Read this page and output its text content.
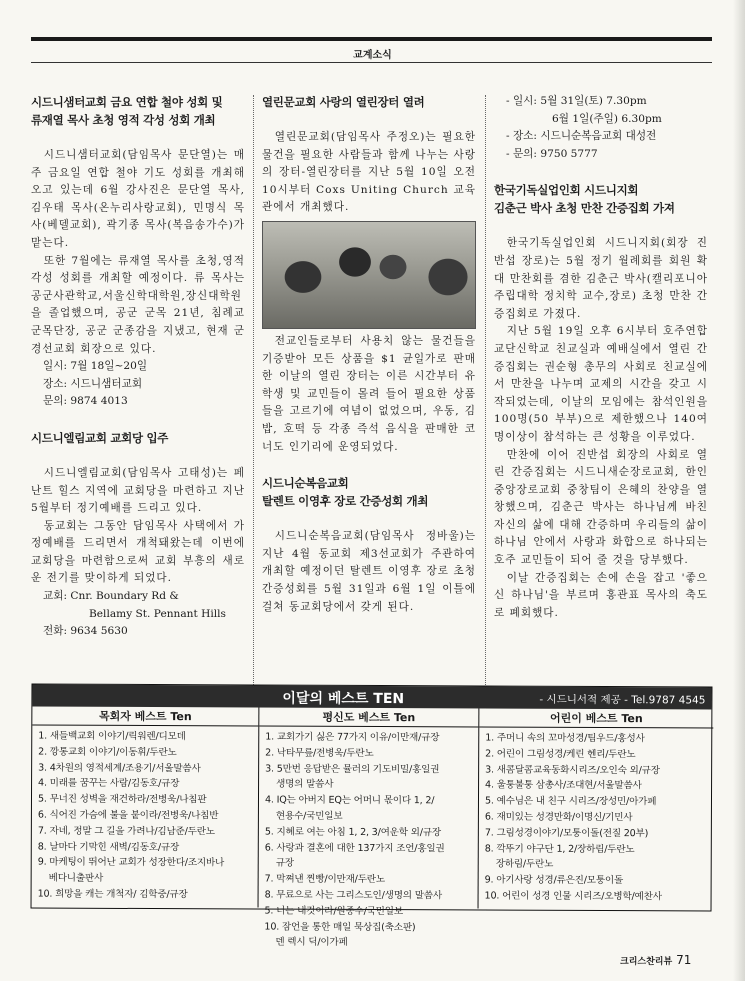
교계소식
시드니샘터교회 금요 연합 철야 성회 및
류재열 목사 초청 영적 각성 성회 개최

시드니샘터교회(담임목사 문단열)는 매 주 금요일 연합 철야 기도 성회를 개최해 오고 있는데 6월 강사진은 문단열 목사, 김우태 목사(온누리사랑교회), 민명식 목사(베델교회), 곽기종 목사(복음송가수)가 맡는다.

또한 7월에는 류재열 목사를 초청,영적 각성 성회를 개최할 예정이다. 류 목사는 공군사관학교,서울신학대학원,장신대학원을 졸업했으며, 공군 군목 21년, 침례교 군목단장, 공군 군종감을 지냈고, 현재 군경선교회 회장으로 있다.

일시: 7월 18일~20일
장소: 시드니샘터교회
문의: 9874 4013
시드니엘림교회 교회당 입주

시드니엘림교회(담임목사 고태성)는 페난트 힐스 지역에 교회당을 마련하고 지난 5월부터 정기예배를 드리고 있다.

동교회는 그동안 담임목사 사택에서 가정예배를 드리면서 개척돼왔는데 이번에 교회당을 마련함으로써 교회 부흥의 새로운 전기를 맞이하게 되었다.

교회: Cnr. Boundary Rd &
Bellamy St. Pennant Hills
전화: 9634 5630
열린문교회 사랑의 열린장터 열려

열린문교회(담임목사 주정오)는 필요한 물건을 필요한 사람들과 함께 나누는 사랑의 장터-열린장터를 지난 5월 10일 오전 10시부터 Coxs Uniting Church 교육관에서 개최했다.

전교인들로부터 사용치 않는 물건들을 기증받아 모든 상품을 $1 균일가로 판매한 이날의 열린 장터는 이른 시간부터 유학생 및 교민들이 몰려 들어 필요한 상품들을 고르기에 여념이 없었으며, 우동, 김밥, 호떡 등 각종 즉석 음식을 판매한 코너도 인기리에 운영되었다.

시드니순복음교회
탈렌트 이영후 장로 간증성회 개최

시드니순복음교회(담임목사 정바울)는 지난 4월 동교회 제3선교회가 주관하여 개최할 예정이던 탈렌트 이영후 장로 초청 간증성회를 5월 31일과 6월 1일 이틀에 걸쳐 동교회당에서 갖게 된다.

- 일시: 5월 31일(토) 7.30pm
6월 1일(주일) 6.30pm
- 장소: 시드니순복음교회 대성전
- 문의: 9750 5777
한국기독실업인회 시드니지회
김춘근 박사 초청 만찬 간증집회 가져

한국기독실업인회 시드니지회(회장 진반섭 장로)는 5월 정기 월례회를 회원 확대 만찬회를 겸한 김춘근 박사(캘리포니아 주립대학 정치학 교수,장로) 초청 만찬 간증집회로 가졌다.

지난 5월 19일 오후 6시부터 호주연합교단신학교 친교실과 예배실에서 열린 간증집회는 권순형 총무의 사회로 친교실에서 만찬을 나누며 교제의 시간을 갖고 시작되었는데, 이날의 모임에는 참석인원을 100명(50 부부)으로 제한했으나 140여 명이상이 참석하는 큰 성황을 이루었다.

만찬에 이어 진반섭 회장의 사회로 열린 간증집회는 시드니새순장로교회, 한인중앙장로교회 중창팀이 은혜의 찬양을 열창했으며, 김춘근 박사는 하나님께 바친 자신의 삶에 대해 간증하며 우리들의 삶이 하나님 안에서 사랑과 화합으로 하나되는 호주 교민들이 되어 줄 것을 당부했다.

이날 간증집회는 손에 손을 잡고 '좋으신 하나님'을 부르며 홍관표 목사의 축도로 폐회했다.

이달의 베스트 TEN	- 시드니서적 제공 - Tel.9787 4545
목회자 베스트 Ten
1. 새들백교회 이야기/릭워렌/디모데
2. 깡통교회 이야기/이동휘/두란노
3. 4차원의 영적세계/조용기/서울말씀사
4. 미래를 꿈꾸는 사람/김동호/규장
5. 무너진 성벽을 재건하라/전병욱/나침판
6. 식어진 가슴에 불을 붙이라/전병욱/나침반
7. 자네, 정말 그 길을 가려나/김남준/두란노
8. 날마다 기막힌 새벽/김동호/규장
9. 마케팅이 뛰어난 교회가 성장한다/조지바나
베다니출판사
10. 희망을 캐는 개척자/ 김학중/규장
평신도 베스트 Ten
1. 교회가기 싫은 77가지 이유/이만재/규장
2. 낙타무릎/전병욱/두란노
3. 5만번 응답받은 뮬러의 기도비밀/홍일권
생명의 말씀사
4. IQ는 아버지 EQ는 어머니 몫이다 1, 2/
현용수/국민일보
5. 지혜로 여는 아침 1, 2, 3/여운학 외/규장
6. 사랑과 결혼에 대한 137가지 조언/홍일권
규장
7. 막쪄낸 찐빵/이만재/두란노
8. 무료으로 사는 그리스도인/생명의 말씀사
5. 너는 내것이라/원종수/국민일보
10. 잠언을 통한 매일 묵상집(축소판)
덴 렉시 딕/이가페
어린이 베스트 Ten
1. 주머니 속의 꼬마성경/팀우드/홍성사
2. 어린이 그림성경/케린 헨리/두란노
3. 새콤달콤교육동화시리즈/오인숙 외/규장
4. 울퉁불퉁 삼총사/조대현/서울말씀사
5. 예수님은 내 친구 시리즈/장성민/아가페
6. 재미있는 성경만화/이명신/기민사
7. 그림성경이야기/모퉁이돌(전질 20부)
8. 깍뚜기 야구단 1, 2/장하림/두란노
장하림/두란노
9. 아기사랑 성경/류은진/모퉁이돌
10. 어린이 성경 인물 시리즈/오병학/예찬사
크리스찬리뷰 71
